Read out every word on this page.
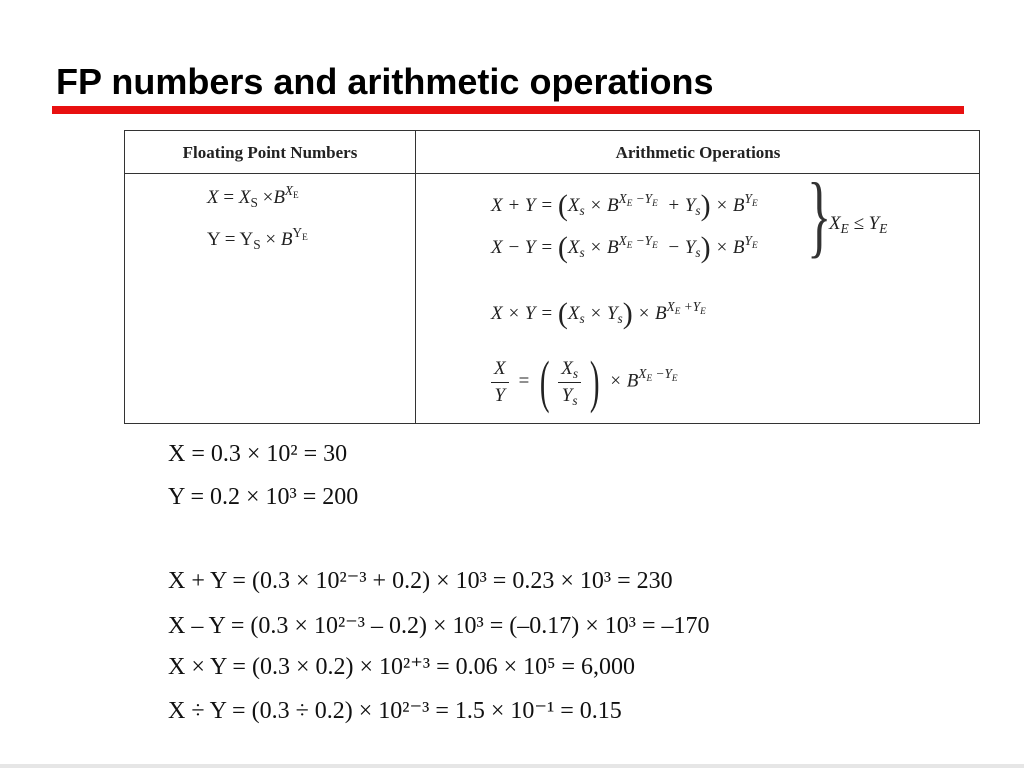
FP numbers and arithmetic operations
Floating Point Numbers	Arithmetic Operations
$X = X_S \times B^{X_E}$
$Y = Y_S \times B^{Y_E}$
$X + Y = (X_s \times B^{X_E -Y_E} + Y_s) \times B^{Y_E}$
$X - Y = (X_s \times B^{X_E -Y_E} - Y_s) \times B^{Y_E}$ }
$X_E \le Y_E$
$X \times Y = (X_s \times Y_s) \times B^{X_E +Y_E}$
$\frac{X}{Y}$ = ( $\frac{X_s}{Y_s}$ ) × $B^{X_E -Y_E}$
X = 0.3 × 10² = 30
Y = 0.2 × 10³ = 200
X + Y = (0.3 × 10²⁻³ + 0.2) × 10³ = 0.23 × 10³ = 230
X – Y = (0.3 × 10²⁻³ – 0.2) × 10³ = (–0.17) × 10³ = –170
X × Y = (0.3 × 0.2) × 10²⁺³ = 0.06 × 10⁵ = 6,000
X ÷ Y = (0.3 ÷ 0.2) × 10²⁻³ = 1.5 × 10⁻¹ = 0.15
